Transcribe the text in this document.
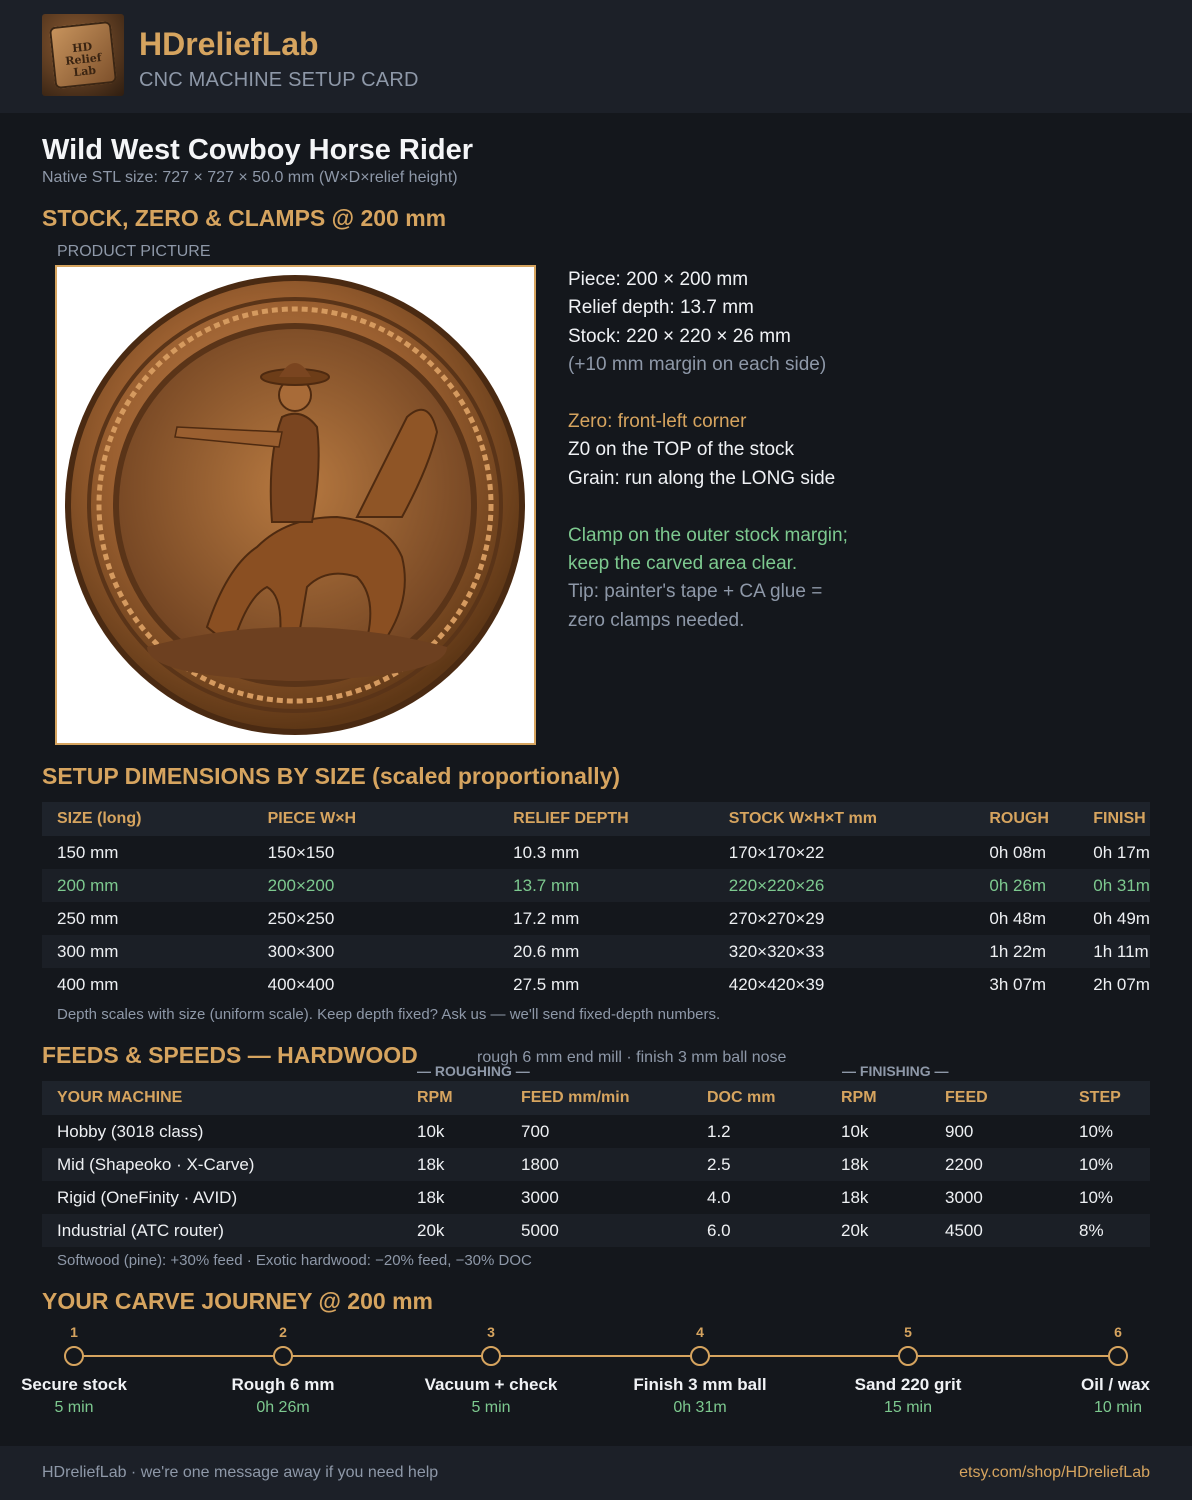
HD
Relief
Lab
HDreliefLab
CNC MACHINE SETUP CARD
Wild West Cowboy Horse Rider
Native STL size: 727 × 727 × 50.0 mm (W×D×relief height)
STOCK, ZERO & CLAMPS @ 200 mm
PRODUCT PICTURE
Piece: 200 × 200 mm
Relief depth: 13.7 mm
Stock: 220 × 220 × 26 mm
(+10 mm margin on each side)
Zero: front-left corner
Z0 on the TOP of the stock
Grain: run along the LONG side
Clamp on the outer stock margin;
keep the carved area clear.
Tip: painter's tape + CA glue =
zero clamps needed.
SETUP DIMENSIONS BY SIZE (scaled proportionally)
SIZE (long)	PIECE W×H	RELIEF DEPTH	STOCK W×H×T mm	ROUGH	FINISH
150 mm	150×150	10.3 mm	170×170×22	0h 08m	0h 17m
200 mm	200×200	13.7 mm	220×220×26	0h 26m	0h 31m
250 mm	250×250	17.2 mm	270×270×29	0h 48m	0h 49m
300 mm	300×300	20.6 mm	320×320×33	1h 22m	1h 11m
400 mm	400×400	27.5 mm	420×420×39	3h 07m	2h 07m
Depth scales with size (uniform scale). Keep depth fixed? Ask us — we'll send fixed-depth numbers.
FEEDS & SPEEDS — HARDWOOD	rough 6 mm end mill · finish 3 mm ball nose
— ROUGHING —	— FINISHING —
YOUR MACHINE	RPM	FEED mm/min	DOC mm	RPM	FEED	STEP
Hobby (3018 class)	10k	700	1.2	10k	900	10%
Mid (Shapeoko · X-Carve)	18k	1800	2.5	18k	2200	10%
Rigid (OneFinity · AVID)	18k	3000	4.0	18k	3000	10%
Industrial (ATC router)	20k	5000	6.0	20k	4500	8%
Softwood (pine): +30% feed · Exotic hardwood: −20% feed, −30% DOC
YOUR CARVE JOURNEY @ 200 mm
1
Secure stock
5 min
2
Rough 6 mm
0h 26m
3
Vacuum + check
5 min
4
Finish 3 mm ball
0h 31m
5
Sand 220 grit
15 min
6
Oil / wax
10 min
HDreliefLab · we're one message away if you need help	etsy.com/shop/HDreliefLab
